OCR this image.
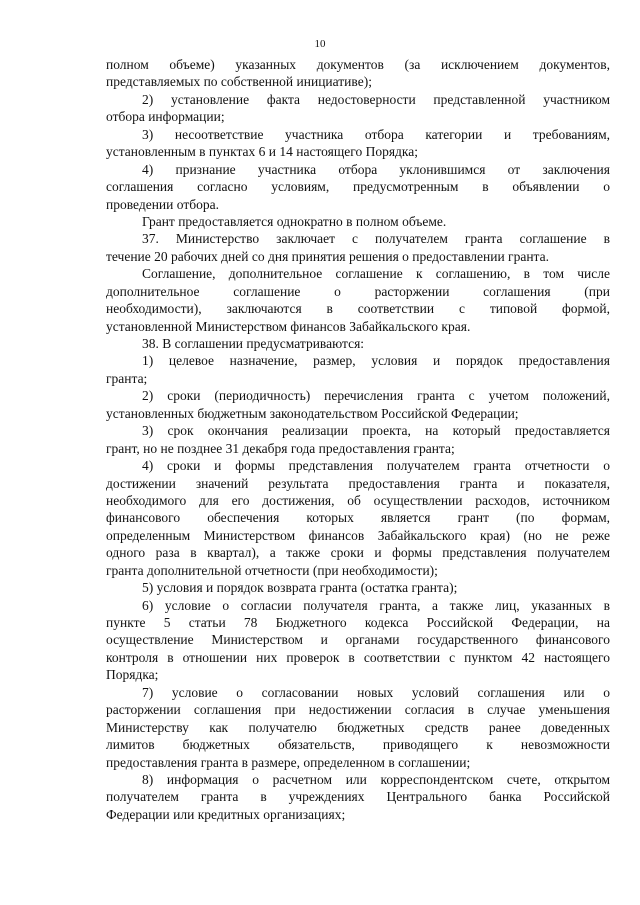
10
полном объеме) указанных документов (за исключением документов,
представляемых по собственной инициативе);
2) установление факта недостоверности представленной участником
отбора информации;
3) несоответствие участника отбора категории и требованиям,
установленным в пунктах 6 и 14 настоящего Порядка;
4) признание участника отбора уклонившимся от заключения
соглашения согласно условиям, предусмотренным в объявлении о
проведении отбора.
Грант предоставляется однократно в полном объеме.
37. Министерство заключает с получателем гранта соглашение в
течение 20 рабочих дней со дня принятия решения о предоставлении гранта.
Соглашение, дополнительное соглашение к соглашению, в том числе
дополнительное соглашение о расторжении соглашения (при
необходимости), заключаются в соответствии с типовой формой,
установленной Министерством финансов Забайкальского края.
38. В соглашении предусматриваются:
1) целевое назначение, размер, условия и порядок предоставления
гранта;
2) сроки (периодичность) перечисления гранта с учетом положений,
установленных бюджетным законодательством Российской Федерации;
3) срок окончания реализации проекта, на который предоставляется
грант, но не позднее 31 декабря года предоставления гранта;
4) сроки и формы представления получателем гранта отчетности о
достижении значений результата предоставления гранта и показателя,
необходимого для его достижения, об осуществлении расходов, источником
финансового обеспечения которых является грант (по формам,
определенным Министерством финансов Забайкальского края) (но не реже
одного раза в квартал), а также сроки и формы представления получателем
гранта дополнительной отчетности (при необходимости);
5) условия и порядок возврата гранта (остатка гранта);
6) условие о согласии получателя гранта, а также лиц, указанных в
пункте 5 статьи 78 Бюджетного кодекса Российской Федерации, на
осуществление Министерством и органами государственного финансового
контроля в отношении них проверок в соответствии с пунктом 42 настоящего
Порядка;
7) условие о согласовании новых условий соглашения или о
расторжении соглашения при недостижении согласия в случае уменьшения
Министерству как получателю бюджетных средств ранее доведенных
лимитов бюджетных обязательств, приводящего к невозможности
предоставления гранта в размере, определенном в соглашении;
8) информация о расчетном или корреспондентском счете, открытом
получателем гранта в учреждениях Центрального банка Российской
Федерации или кредитных организациях;
